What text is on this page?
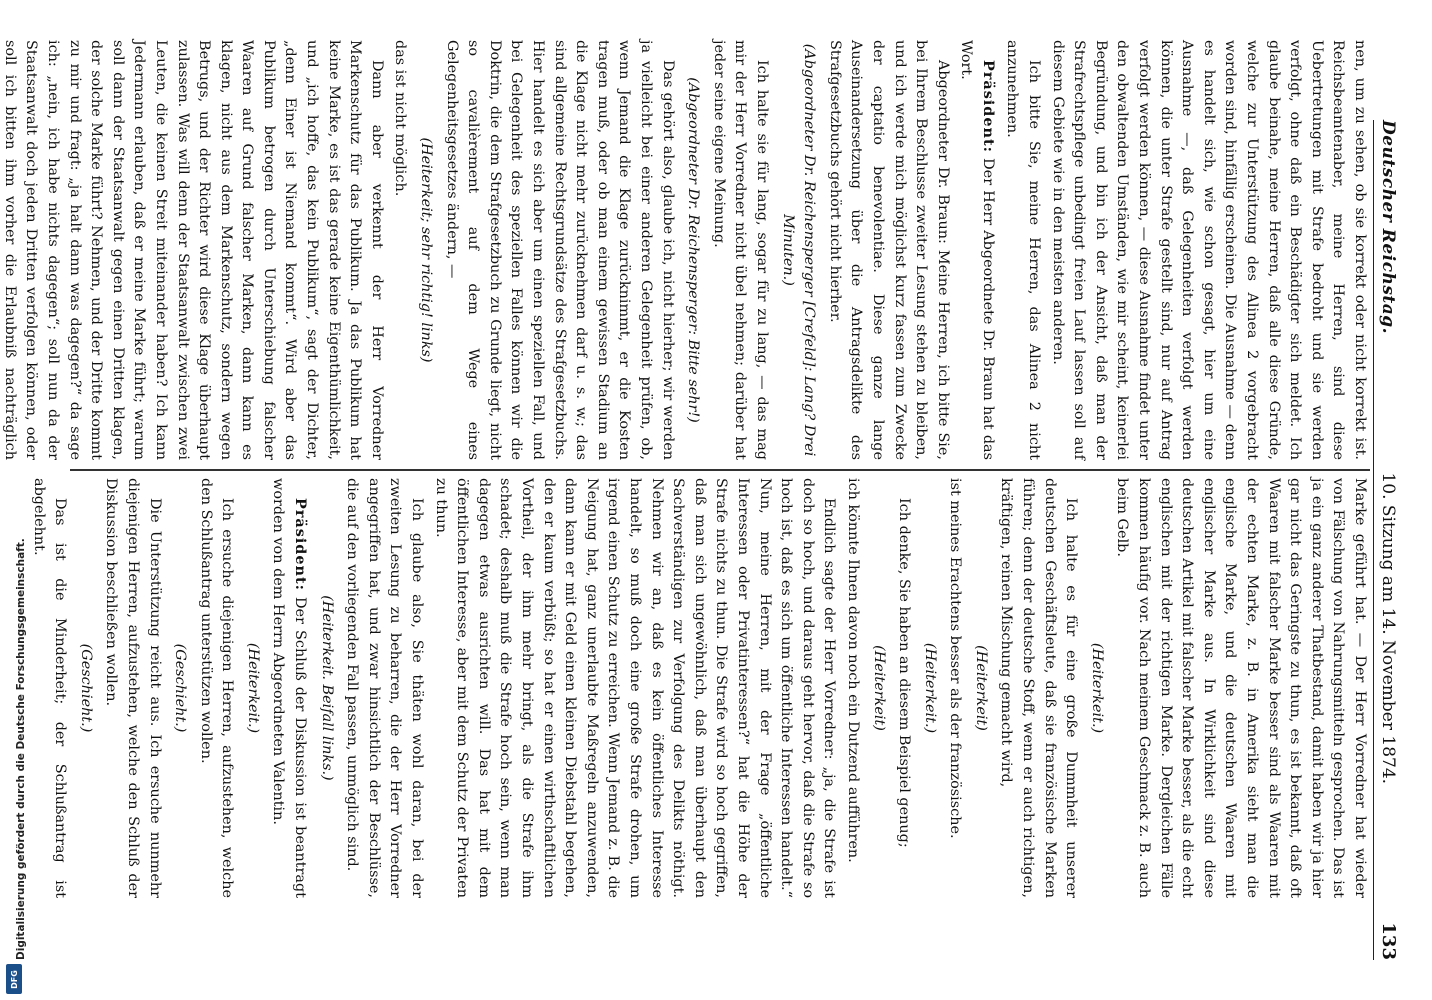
Deutscher Reichstag.
10. Sitzung am 14. November 1874.
133

nen, um zu sehen, ob sie korrekt oder nicht korrekt ist. Reichsbeamtenaber, meine Herren, sind diese Uebertretungen mit Strafe bedroht und sie werden verfolgt, ohne daß ein Beschädigter sich meldet. Ich glaube beinahe, meine Herren, daß alle diese Gründe, welche zur Unterstützung des Alinea 2 vorgebracht worden sind, hinfällig erscheinen. Die Ausnahme — denn es handelt sich, wie schon gesagt, hier um eine Ausnahme —, daß Gelegenheiten verfolgt werden können, die unter Strafe gestellt sind, nur auf Antrag verfolgt werden können, — diese Ausnahme findet unter den obwaltenden Umständen, wie mir scheint, keinerlei Begründung, und bin ich der Ansicht, daß man der Strafrechtspflege unbedingt freien Lauf lassen soll auf diesem Gebiete wie in den meisten anderen.

Ich bitte Sie, meine Herren, das Alinea 2 nicht anzunehmen.

Präsident: Der Herr Abgeordnete Dr. Braun hat das Wort.

Abgeordneter Dr. Braun: Meine Herren, ich bitte Sie, bei Ihrem Beschlusse zweiter Lesung stehen zu bleiben, und ich werde mich möglichst kurz fassen zum Zwecke der captatio benevolentiae. Diese ganze lange Auseinandersetzung über die Antragsdelikte des Strafgesetzbuchs gehört nicht hierher.

(Abgeordneter Dr. Reichensperger [Crefeld]: Lang? Drei Minuten.)

Ich halte sie für lang, sogar für zu lang, — das mag mir der Herr Vorredner nicht übel nehmen; darüber hat jeder seine eigene Meinung.

(Abgeordneter Dr. Reichensperger: Bitte sehr!)

Das gehört also, glaube ich, nicht hierher; wir werden ja vielleicht bei einer anderen Gelegenheit prüfen, ob, wenn Jemand die Klage zurücknimmt, er die Kosten tragen muß, oder ob man einem gewissen Stadium an die Klage nicht mehr zurücknehmen darf u. s. w.; das sind allgemeine Rechtsgrundsätze des Strafgesetzbuchs. Hier handelt es sich aber um einen speziellen Fall, und bei Gelegenheit des speziellen Falles können wir die Doktrin, die dem Strafgesetzbuch zu Grunde liegt, nicht so cavalièrement auf dem Wege eines Gelegenheitsgesetzes ändern, —

(Heiterkeit; sehr richtig! links)

das ist nicht möglich.

Dann aber verkennt der Herr Vorredner Markenschutz für das Publikum. Ja das Publikum hat keine Marke, es ist das gerade keine Eigenthümlichkeit, und „ich hoffe, das kein Publikum“, sagt der Dichter, „denn Einer ist Niemand kommt“. Wird aber das Publikum betrogen durch Unterschiebung falscher Waaren auf Grund falscher Marken, dann kann es klagen, nicht aus dem Markenschutz, sondern wegen Betrugs, und der Richter wird diese Klage überhaupt zulassen. Was will denn der Staatsanwalt zwischen zwei Leuten, die keinen Streit miteinander haben? Ich kann Jedermann erlauben, daß er meine Marke führt; warum soll dann der Staatsanwalt gegen einen Dritten klagen, der solche Marke führt? Nehmen, und der Dritte kommt zu mir und fragt: „ja halt dann was dagegen?“ da sage ich: „nein, ich habe nichts dagegen“; soll nun da der Staatsanwalt doch jeden Dritten verfolgen können, oder soll ich bitten ihm vorher die Erlaubniß nachträglich

Marke geführt hat. — Der Herr Vorredner hat wieder von Fälschung von Nahrungsmitteln gesprochen. Das ist ja ein ganz anderer Thatbestand, damit haben wir ja hier gar nicht das Geringste zu thun, es ist bekannt, daß oft Waaren mit falscher Marke besser sind als Waaren mit der echten Marke, z. B. in Amerika sieht man die englische Marke, und die deutschen Waaren mit englischer Marke aus. In Wirklichkeit sind diese deutschen Artikel mit falscher Marke besser, als die echt englischen mit der richtigen Marke. Dergleichen Fälle kommen häufig vor. Nach meinem Geschmack z. B. auch beim Gelb.

(Heiterkeit.)

Ich halte es für eine große Dummheit unserer deutschen Geschäftsleute, daß sie französische Marken führen; denn der deutsche Stoff, wenn er auch richtigen, kräftigen, reinen Mischung gemacht wird,

(Heiterkeit)

ist meines Erachtens besser als der französische.

(Heiterkeit.)

Ich denke, Sie haben an diesem Beispiel genug;

(Heiterkeit)

ich könnte Ihnen davon noch ein Dutzend aufführen.

Endlich sagte der Herr Vorredner: „ja, die Strafe ist doch so hoch, und daraus geht hervor, daß die Strafe so hoch ist, daß es sich um öffentliche Interessen handelt.“ Nun, meine Herren, mit der Frage „öffentliche Interessen oder Privatinteressen?“ hat die Höhe der Strafe nichts zu thun. Die Strafe wird so hoch gegriffen, daß man sich ungewöhnlich, daß man überhaupt den Sachverständigen zur Verfolgung des Delikts nöthigt. Nehmen wir an, daß es kein öffentliches Interesse handelt, so muß doch eine große Strafe drohen, um irgend einen Schutz zu erreichen. Wenn Jemand z. B. die Neigung hat, ganz unerlaubte Maßregeln anzuwenden, dann kann er mit Geld einen kleinen Diebstahl begehen, den er kaum verbüßt; so hat er einen wirthschaftlichen Vortheil, der ihm mehr bringt, als die Strafe ihm schadet; deshalb muß die Strafe hoch sein, wenn man dagegen etwas ausrichten will. Das hat mit dem öffentlichen Interesse, aber mit dem Schutz der Privaten zu thun.

Ich glaube also, Sie thäten wohl daran, bei der zweiten Lesung zu beharren, die der Herr Vorredner angegriffen hat, und zwar hinsichtlich der Beschlüsse, die auf den vorliegenden Fall passen, unmöglich sind.

(Heiterkeit. Beifall links.)

Präsident: Der Schluß der Diskussion ist beantragt worden von dem Herrn Abgeordneten Valentin.

(Heiterkeit.)

Ich ersuche diejenigen Herren, aufzustehen, welche den Schlußantrag unterstützen wollen.

(Geschieht.)

Die Unterstützung reicht aus. Ich ersuche nunmehr diejenigen Herren, aufzustehen, welche den Schluß der Diskussion beschließen wollen.

(Geschieht.)

Das ist die Minderheit; der Schlußantrag ist abgelehnt.

Digitalisierung gefördert durch die Deutsche Forschungsgemeinschaft.
DFG
